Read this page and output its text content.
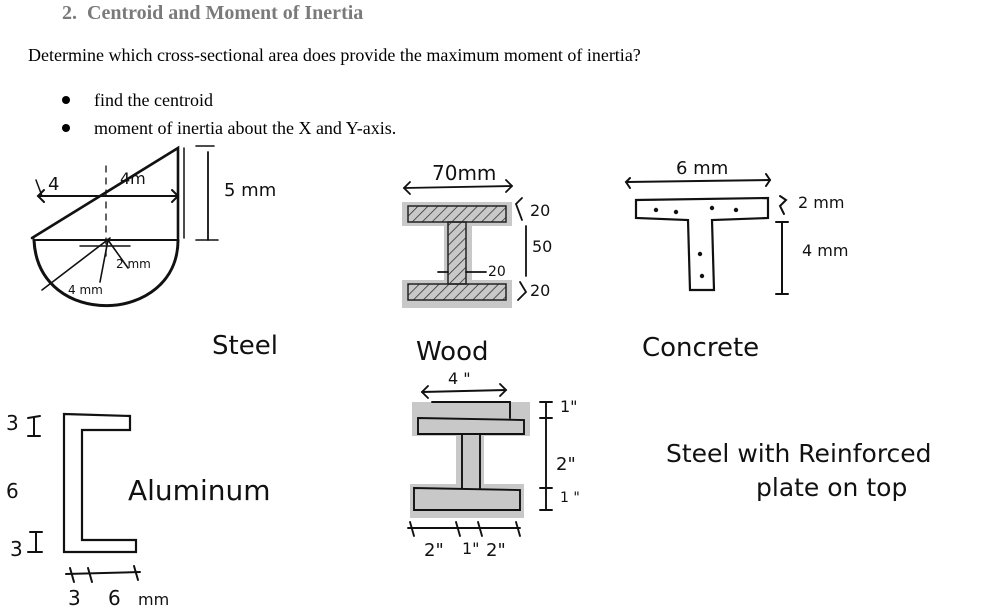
2. Centroid and Moment of Inertia
Determine which cross-sectional area does provide the maximum moment of inertia?
find the centroid
moment of inertia about the X and Y-axis.
4	4m
5 mm
2 mm
4 mm
Steel
70mm
20
50
20
20
Wood
6 mm
2 mm
4 mm
Concrete
3
6
3
3 6 mm
Aluminum
4 "
1"
2"
1 "
2" 1" 2"
Steel with Reinforced
plate on top
